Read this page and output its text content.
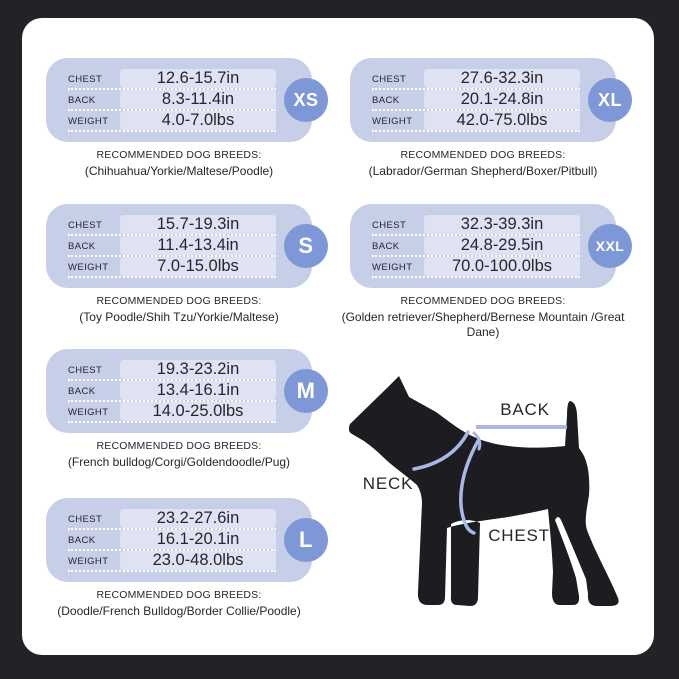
CHEST	12.6-15.7in
BACK	8.3-11.4in
WEIGHT	4.0-7.0lbs
XS
RECOMMENDED DOG BREEDS:
(Chihuahua/Yorkie/Maltese/Poodle)
CHEST	27.6-32.3in
BACK	20.1-24.8in
WEIGHT	42.0-75.0lbs
XL
RECOMMENDED DOG BREEDS:
(Labrador/German Shepherd/Boxer/Pitbull)
CHEST	15.7-19.3in
BACK	11.4-13.4in
WEIGHT	7.0-15.0lbs
S
RECOMMENDED DOG BREEDS:
(Toy Poodle/Shih Tzu/Yorkie/Maltese)
CHEST	32.3-39.3in
BACK	24.8-29.5in
WEIGHT	70.0-100.0lbs
XXL
RECOMMENDED DOG BREEDS:
(Golden retriever/Shepherd/Bernese Mountain /Great Dane)
CHEST	19.3-23.2in
BACK	13.4-16.1in
WEIGHT	14.0-25.0lbs
M
RECOMMENDED DOG BREEDS:
(French bulldog/Corgi/Goldendoodle/Pug)
CHEST	23.2-27.6in
BACK	16.1-20.1in
WEIGHT	23.0-48.0lbs
L
RECOMMENDED DOG BREEDS:
(Doodle/French Bulldog/Border Collie/Poodle)
BACK
NECK
CHEST
